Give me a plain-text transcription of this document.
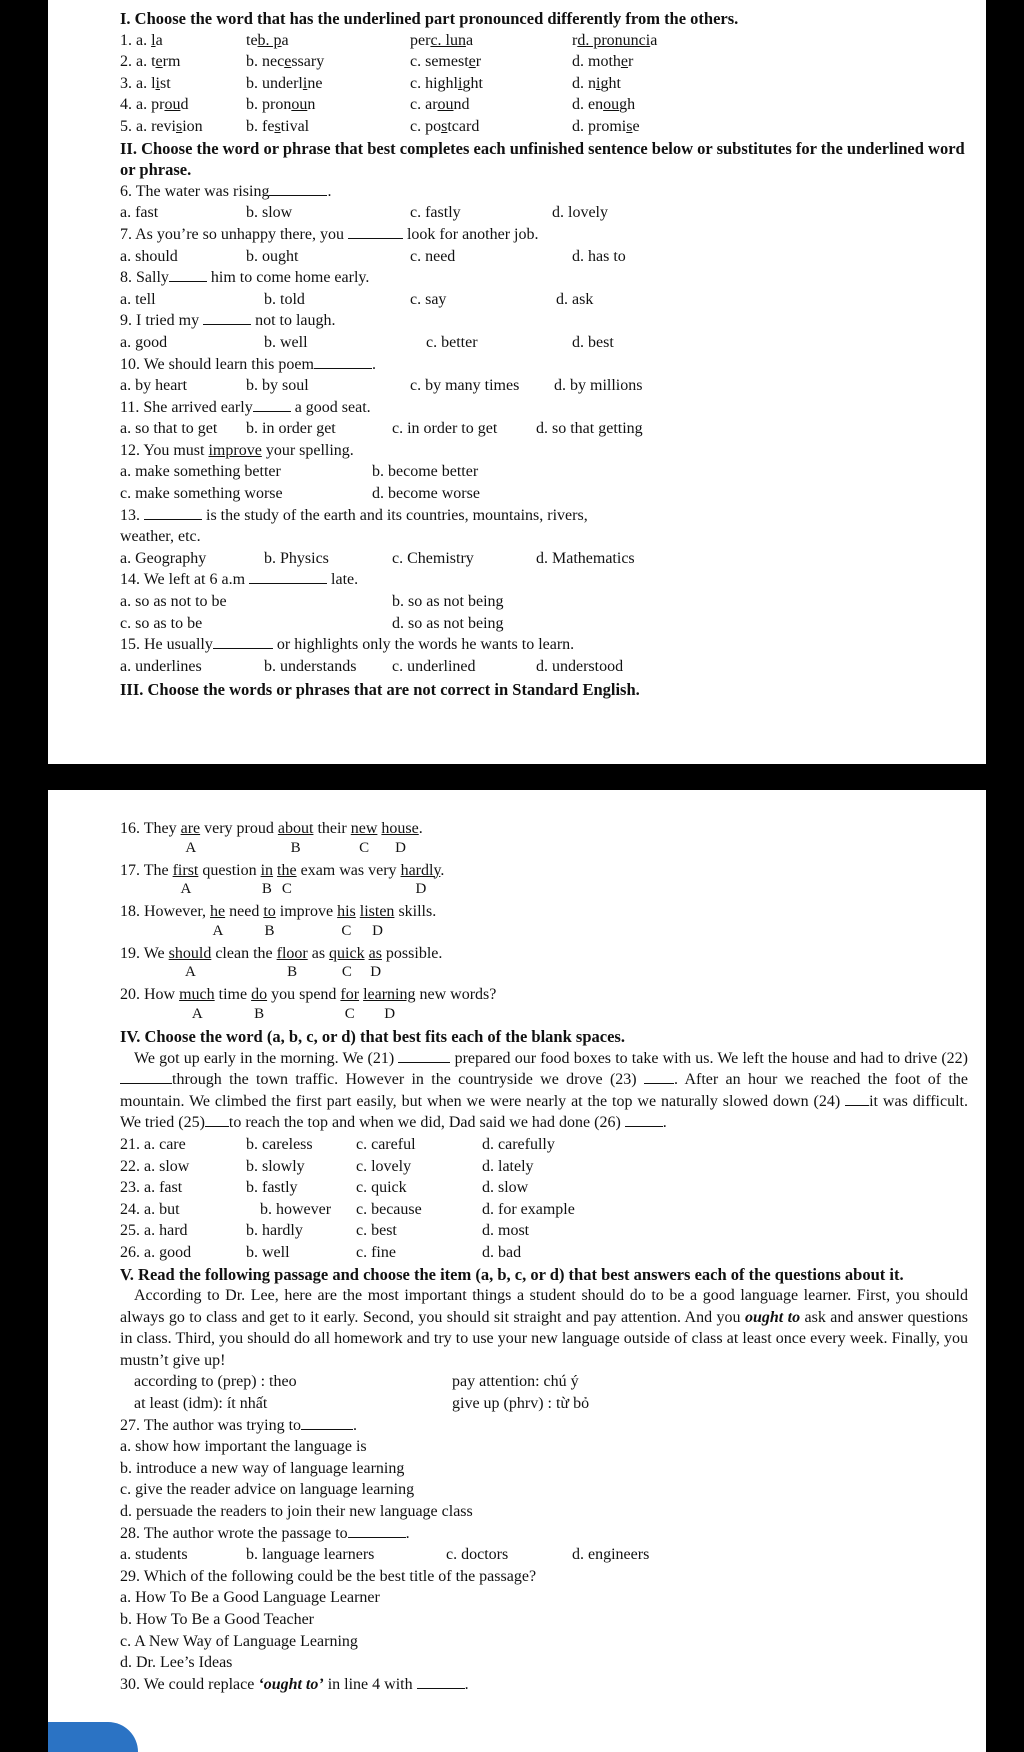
I. Choose the word that has the underlined part pronounced differently from the others.
1. a. la	teb. pa	perc. luna	rd. pronuncia
2. a. term	b. necessary	c. semester	d. mother
3. a. list	b. underline	c. highlight	d. night
4. a. proud	b. pronoun	c. around	d. enough
5. a. revision	b. festival	c. postcard	d. promise
II. Choose the word or phrase that best completes each unfinished sentence below or substitutes for the underlined word or phrase.
6. The water was rising	.
a. fast	b. slow	c. fastly	d. lovely
7. As you’re so unhappy there, you	look for another job.
a. should	b. ought	c. need	d. has to
8. Sally	him to come home early.
a. tell	b. told	c. say	d. ask
9. I tried my	not to laugh.
a. good	b. well	c. better	d. best
10. We should learn this poem	.
a. by heart	b. by soul	c. by many times d. by millions
11. She arrived early	a good seat.
a. so that to get b. in order get	c. in order to get d. so that getting
12. You must improve your spelling.
a. make something better	b. become better
c. make something worse	d. become worse
13.	is the study of the earth and its countries, mountains, rivers,
weather, etc.
a. Geography	b. Physics	c. Chemistry	d. Mathematics
14. We left at 6 a.m	late.
a. so as not to be	b. so as not being
c. so as to be	d. so as not being
15. He usually	or highlights only the words he wants to learn.
a. underlines	b. understands c. underlined	d. understood
III. Choose the words or phrases that are not correct in Standard English.
16. They are very proud about their new house.
A	B	C D
17. The first question in the exam was very hardly.
A	B C	D
18. However, he need to improve his listen skills.
A	B	C D
19. We should clean the floor as quick as possible.
A	B	C D
20. How much time do you spend for learning new words?
A	B	C D
IV. Choose the word (a, b, c, or d) that best fits each of the blank spaces.
We got up early in the morning. We (21)	prepared our food boxes to take with us. We left the house and had to drive (22)through the town traffic. However in the countryside we drove (23) . After an hour we reached the foot of the mountain. We climbed the first part easily, but when we were nearly at the top we naturally slowed down (24) it was difficult. We tried (25) to reach the top and when we did, Dad said we had done (26)	.
21. a. care	b. careless	c. careful	d. carefully
22. a. slow	b. slowly	c. lovely	d. lately
23. a. fast	b. fastly	c. quick	d. slow
24. a. but	b. however c. because	d. for example
25. a. hard	b. hardly	c. best	d. most
26. a. good	b. well	c. fine	d. bad
V. Read the following passage and choose the item (a, b, c, or d) that best answers each of the questions about it.
According to Dr. Lee, here are the most important things a student should do to be a good language learner. First, you should always go to class and get to it early. Second, you should sit straight and pay attention. And you ought to ask and answer questions in class. Third, you should do all homework and try to use your new language outside of class at least once every week. Finally, you mustn’t give up!
according to (prep) : theo	pay attention: chú ý
at least (idm): ít nhất	give up (phrv) : từ bỏ
27. The author was trying to	.
a. show how important the language is
b. introduce a new way of language learning
c. give the reader advice on language learning
d. persuade the readers to join their new language class
28. The author wrote the passage to	.
a. students	b. language learners	c. doctors	d. engineers
29. Which of the following could be the best title of the passage?
a. How To Be a Good Language Learner
b. How To Be a Good Teacher
c. A New Way of Language Learning
d. Dr. Lee’s Ideas
30. We could replace ‘ought to’ in line 4 with	.
